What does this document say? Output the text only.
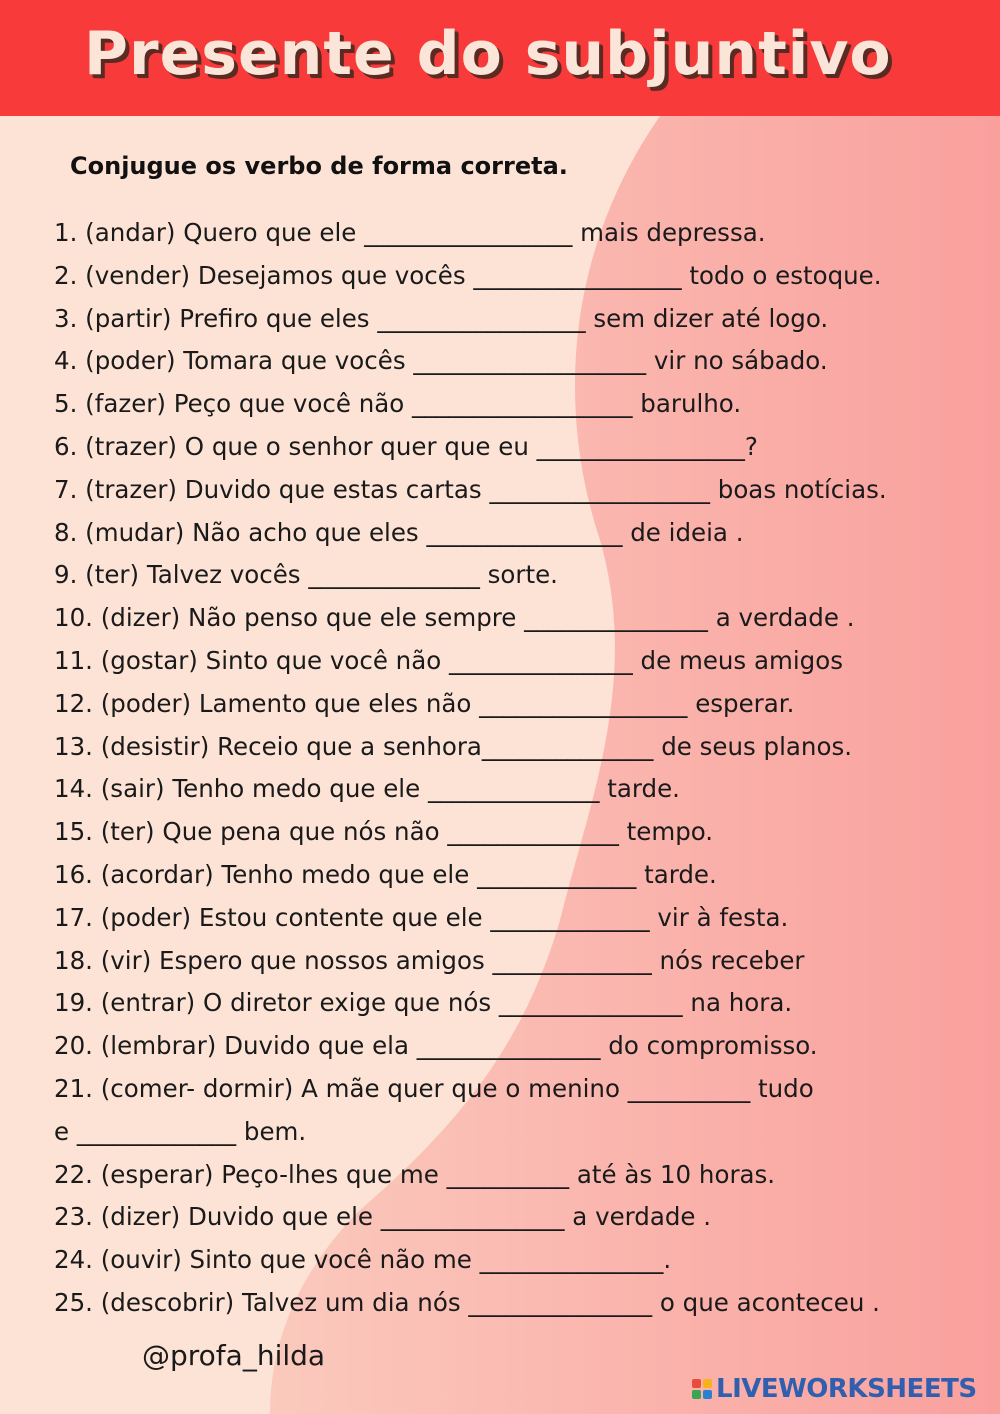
Presente do subjuntivo

Conjugue os verbo de forma correta.

1. (andar) Quero que ele _________________ mais depressa.
2. (vender) Desejamos que vocês _________________ todo o estoque.
3. (partir) Prefiro que eles _________________ sem dizer até logo.
4. (poder) Tomara que vocês ___________________ vir no sábado.
5. (fazer) Peço que você não __________________ barulho.
6. (trazer) O que o senhor quer que eu _________________?
7. (trazer) Duvido que estas cartas __________________ boas notícias.
8. (mudar) Não acho que eles ________________ de ideia .
9. (ter) Talvez vocês ______________ sorte.
10. (dizer) Não penso que ele sempre _______________ a verdade .
11. (gostar) Sinto que você não _______________ de meus amigos
12. (poder) Lamento que eles não _________________ esperar.
13. (desistir) Receio que a senhora______________ de seus planos.
14. (sair) Tenho medo que ele ______________ tarde.
15. (ter) Que pena que nós não ______________ tempo.
16. (acordar) Tenho medo que ele _____________ tarde.
17. (poder) Estou contente que ele _____________ vir à festa.
18. (vir) Espero que nossos amigos _____________ nós receber
19. (entrar) O diretor exige que nós _______________ na hora.
20. (lembrar) Duvido que ela _______________ do compromisso.
21. (comer- dormir) A mãe quer que o menino __________ tudo
e _____________ bem.
22. (esperar) Peço-lhes que me __________ até às 10 horas.
23. (dizer) Duvido que ele _______________ a verdade .
24. (ouvir) Sinto que você não me _______________.
25. (descobrir) Talvez um dia nós _______________ o que aconteceu .

@profa_hilda

LIVEWORKSHEETS
